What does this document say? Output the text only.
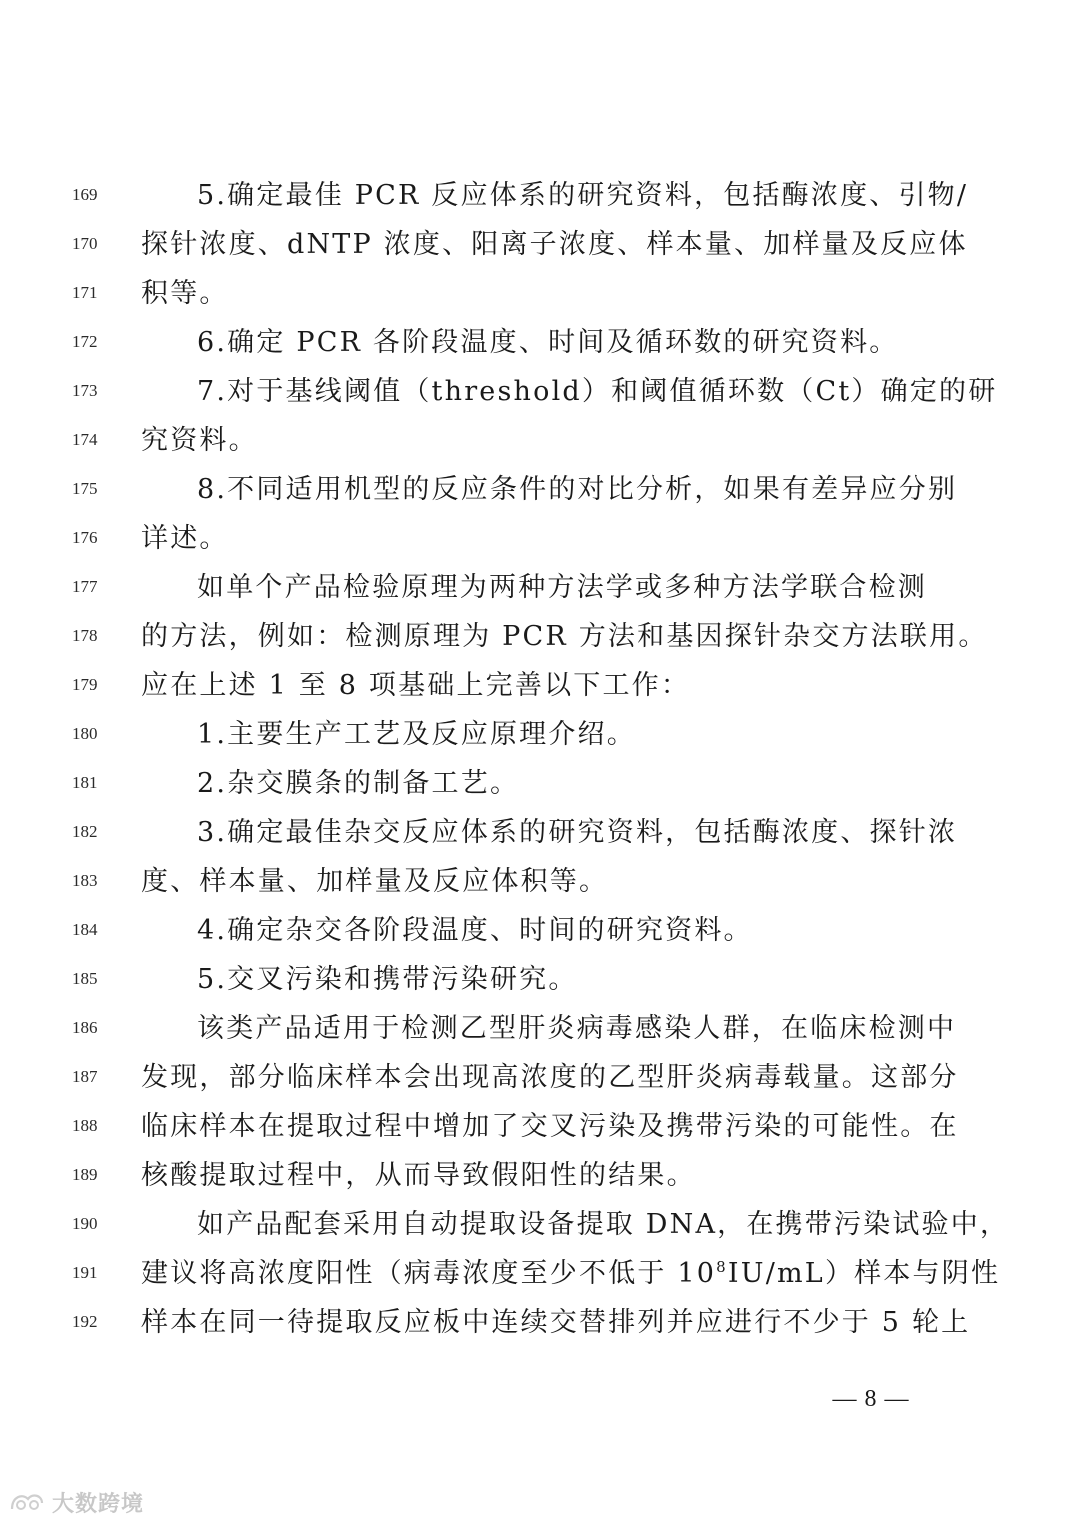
169	5.确定最佳 PCR 反应体系的研究资料，包括酶浓度、引物/
170	探针浓度、dNTP 浓度、阳离子浓度、样本量、加样量及反应体
171	积等。
172	6.确定 PCR 各阶段温度、时间及循环数的研究资料。
173	7.对于基线阈值（threshold）和阈值循环数（Ct）确定的研
174	究资料。
175	8.不同适用机型的反应条件的对比分析，如果有差异应分别
176	详述。
177	如单个产品检验原理为两种方法学或多种方法学联合检测
178	的方法，例如：检测原理为 PCR 方法和基因探针杂交方法联用。
179	应在上述 1 至 8 项基础上完善以下工作：
180	1.主要生产工艺及反应原理介绍。
181	2.杂交膜条的制备工艺。
182	3.确定最佳杂交反应体系的研究资料，包括酶浓度、探针浓
183	度、样本量、加样量及反应体积等。
184	4.确定杂交各阶段温度、时间的研究资料。
185	5.交叉污染和携带污染研究。
186	该类产品适用于检测乙型肝炎病毒感染人群，在临床检测中
187	发现，部分临床样本会出现高浓度的乙型肝炎病毒载量。这部分
188	临床样本在提取过程中增加了交叉污染及携带污染的可能性。在
189	核酸提取过程中，从而导致假阳性的结果。
190	如产品配套采用自动提取设备提取 DNA，在携带污染试验中，
191	建议将高浓度阳性（病毒浓度至少不低于 $10^8IU/mL$）样本与阴性
192	样本在同一待提取反应板中连续交替排列并应进行不少于 5 轮上
— 8 —
大数跨境
